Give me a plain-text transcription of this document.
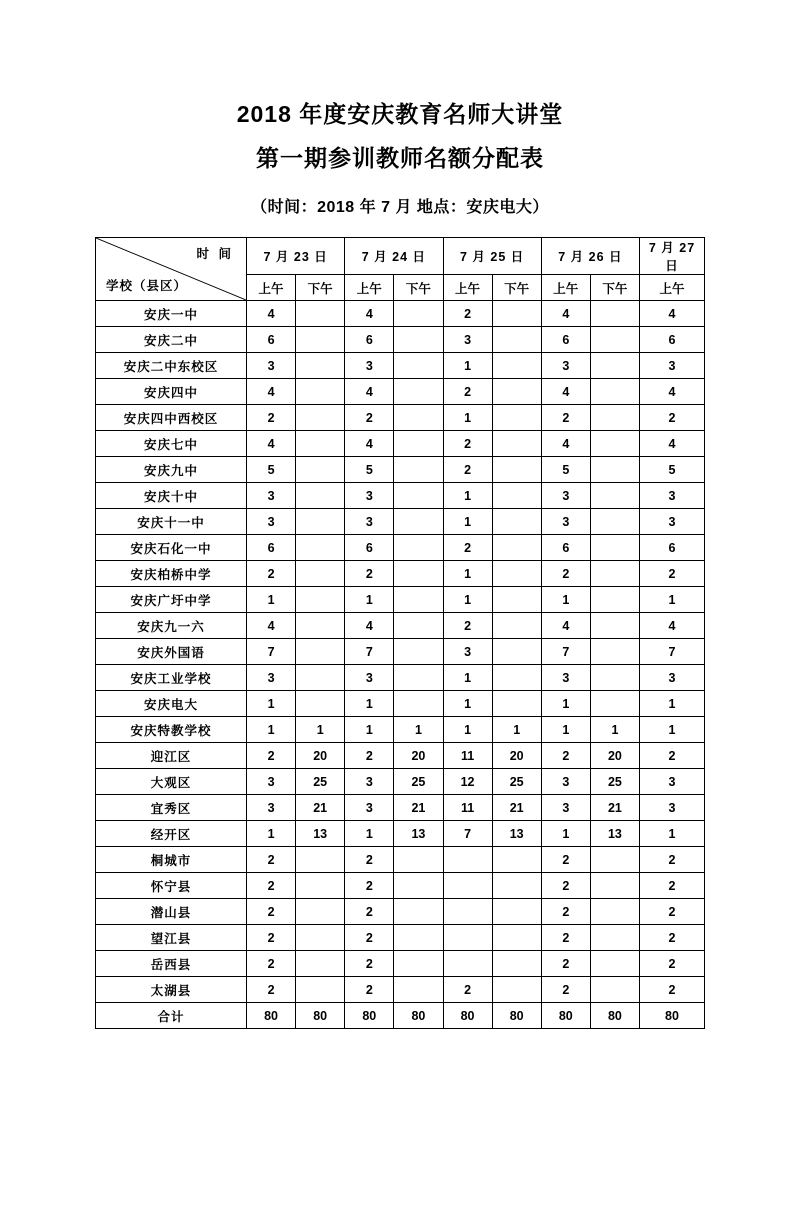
2018 年度安庆教育名师大讲堂
第一期参训教师名额分配表
（时间：2018 年 7 月 地点：安庆电大）
时 间
学校（县区）	7 月 23 日		7 月 24 日		7 月 25 日		7 月 26 日		7 月 27 日
	上午	下午	上午	下午	上午	下午	上午	下午	上午
安庆一中	4		4		2		4		4
安庆二中	6		6		3		6		6
安庆二中东校区	3		3		1		3		3
安庆四中	4		4		2		4		4
安庆四中西校区	2		2		1		2		2
安庆七中	4		4		2		4		4
安庆九中	5		5		2		5		5
安庆十中	3		3		1		3		3
安庆十一中	3		3		1		3		3
安庆石化一中	6		6		2		6		6
安庆柏桥中学	2		2		1		2		2
安庆广圩中学	1		1		1		1		1
安庆九一六	4		4		2		4		4
安庆外国语	7		7		3		7		7
安庆工业学校	3		3		1		3		3
安庆电大	1		1		1		1		1
安庆特教学校	1	1	1	1	1	1	1	1	1
迎江区	2	20	2	20	11	20	2	20	2
大观区	3	25	3	25	12	25	3	25	3
宜秀区	3	21	3	21	11	21	3	21	3
经开区	1	13	1	13	7	13	1	13	1
桐城市	2		2				2		2
怀宁县	2		2				2		2
潜山县	2		2				2		2
望江县	2		2				2		2
岳西县	2		2				2		2
太湖县	2		2		2		2		2
合计	80	80	80	80	80	80	80	80	80
